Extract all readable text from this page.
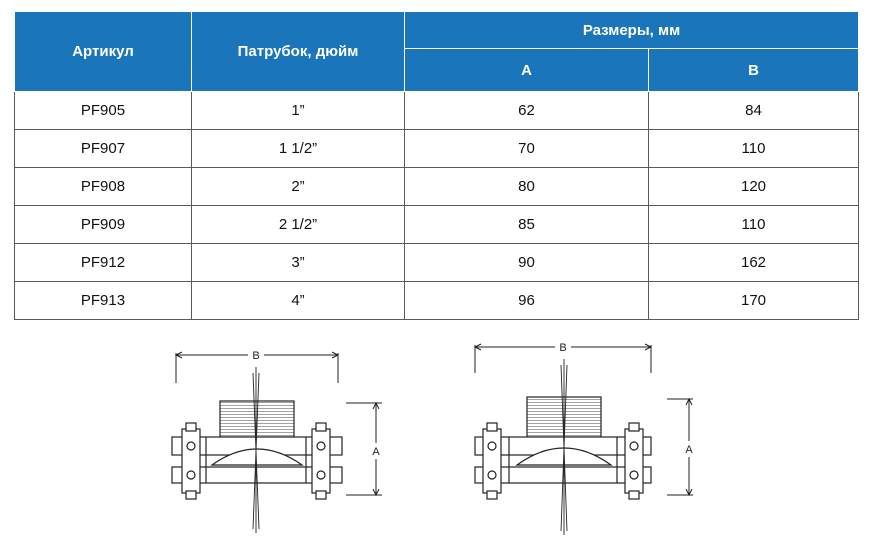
Артикул	Патрубок, дюйм	Размеры, мм	
		A	B
PF905	1”	62	84
PF907	1 1/2”	70	110
PF908	2”	80	120
PF909	2 1/2”	85	110
PF912	3”	90	162
PF913	4”	96	170
B
A
B
A
